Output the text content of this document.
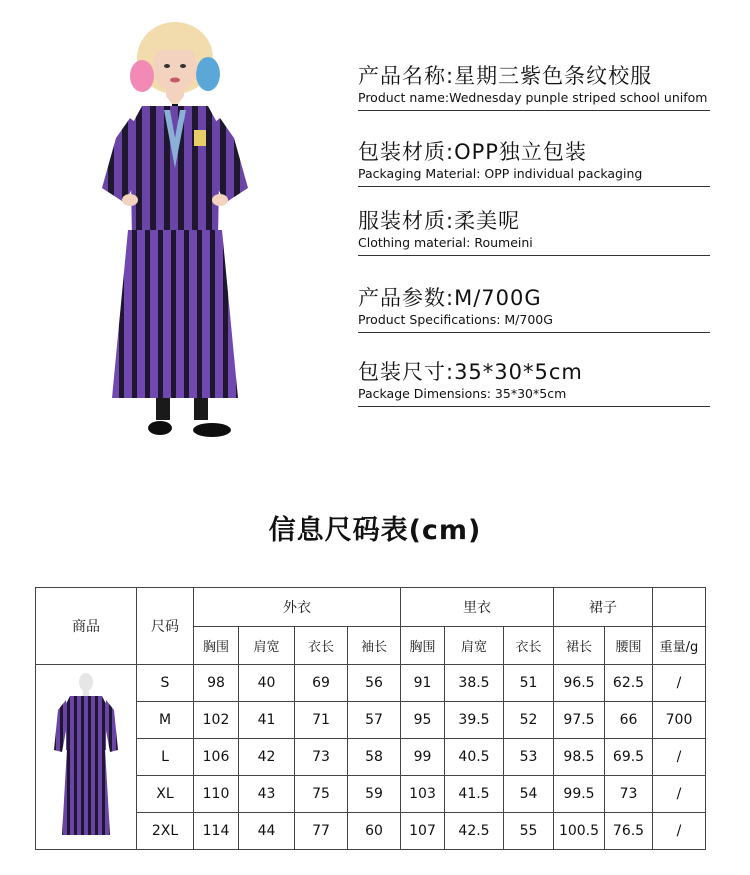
产品名称:星期三紫色条纹校服
Product name:Wednesday punple striped school unifom
包装材质:OPP独立包装
Packaging Material: OPP individual packaging
服装材质:柔美呢
Clothing material: Roumeini
产品参数:M/700G
Product Specifications: M/700G
包装尺寸:35*30*5cm
Package Dimensions: 35*30*5cm
信息尺码表(cm)
商品	尺码	外衣				里衣			裙子		
		胸围	肩宽	衣长	袖长	胸围	肩宽	衣长	裙长	腰围	重量/g
	S	98	40	69	56	91	38.5	51	96.5	62.5	/
	M	102	41	71	57	95	39.5	52	97.5	66	700
	L	106	42	73	58	99	40.5	53	98.5	69.5	/
	XL	110	43	75	59	103	41.5	54	99.5	73	/
	2XL	114	44	77	60	107	42.5	55	100.5	76.5	/
